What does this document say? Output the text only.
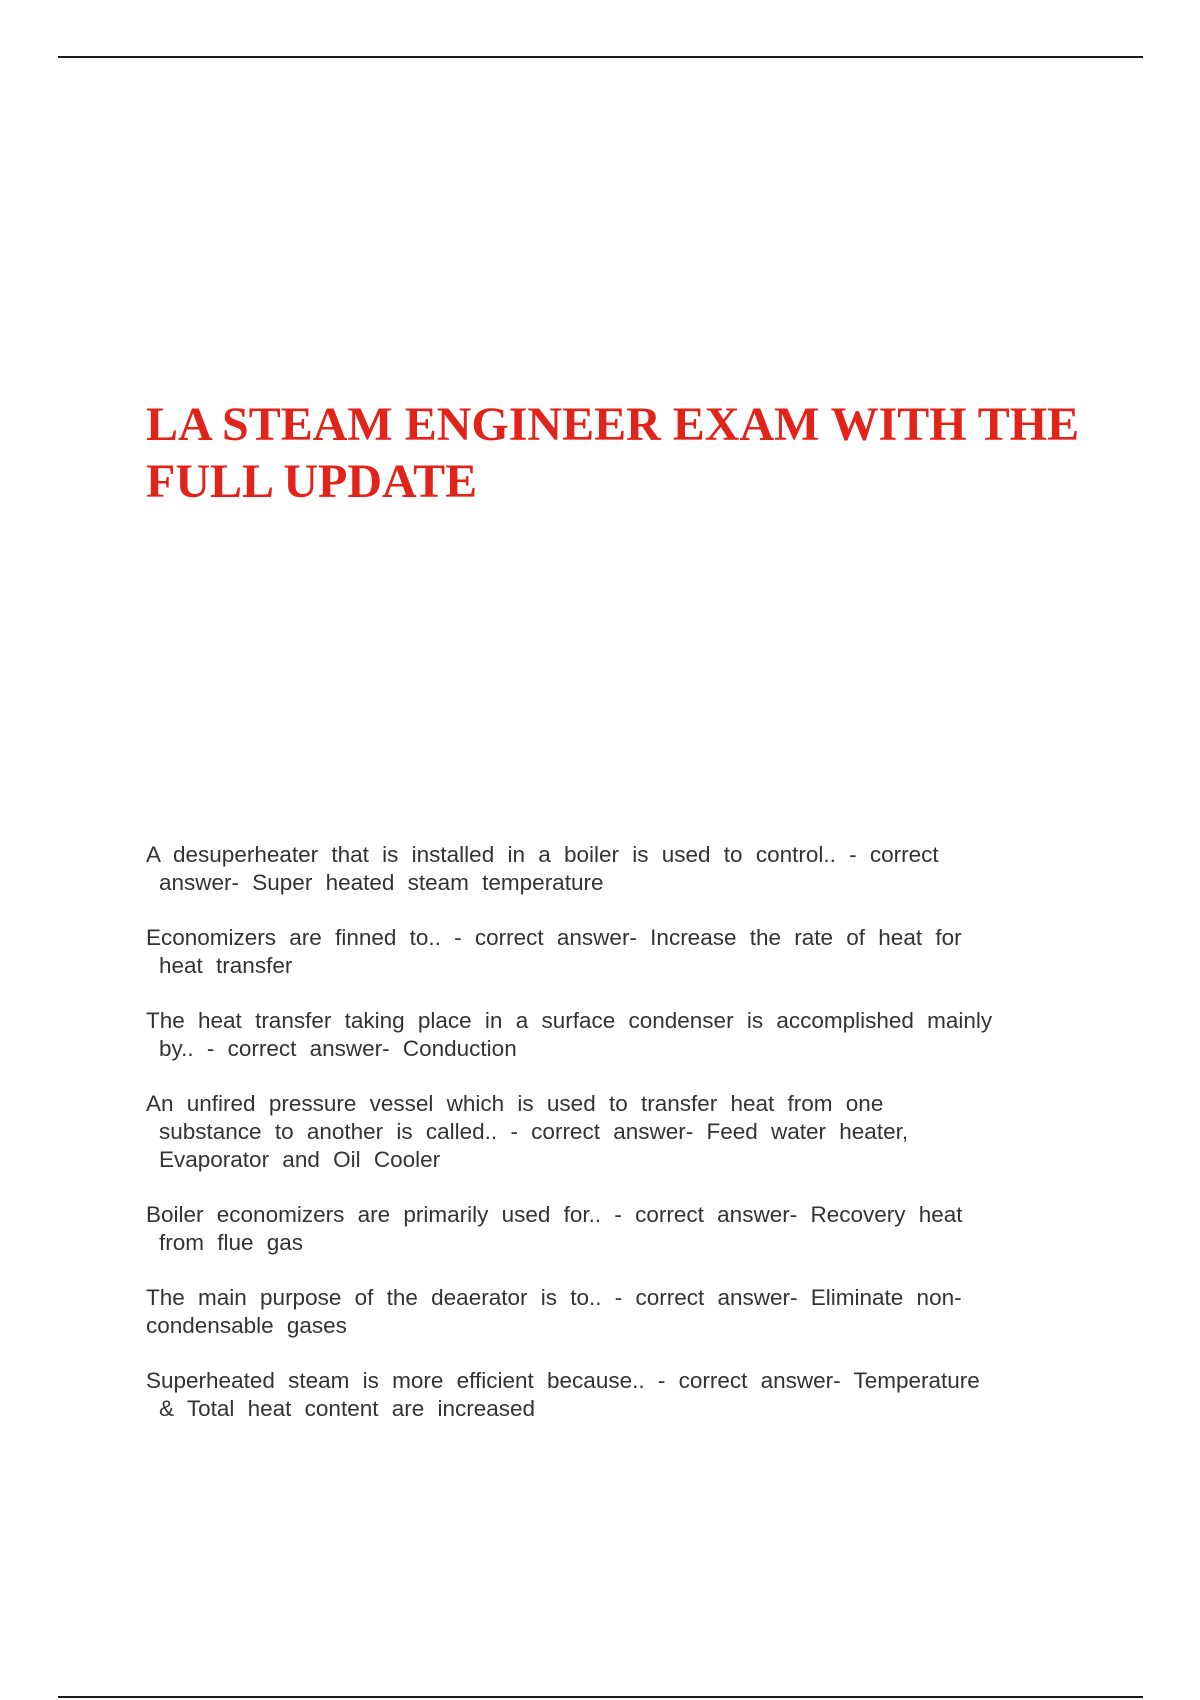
LA STEAM ENGINEER EXAM WITH THE
FULL UPDATE
A desuperheater that is installed in a boiler is used to control.. - correct
answer- Super heated steam temperature
Economizers are finned to.. - correct answer- Increase the rate of heat for
heat transfer
The heat transfer taking place in a surface condenser is accomplished mainly
by.. - correct answer- Conduction
An unfired pressure vessel which is used to transfer heat from one
substance to another is called.. - correct answer- Feed water heater,
Evaporator and Oil Cooler
Boiler economizers are primarily used for.. - correct answer- Recovery heat
from flue gas
The main purpose of the deaerator is to.. - correct answer- Eliminate non-
condensable gases
Superheated steam is more efficient because.. - correct answer- Temperature
& Total heat content are increased
